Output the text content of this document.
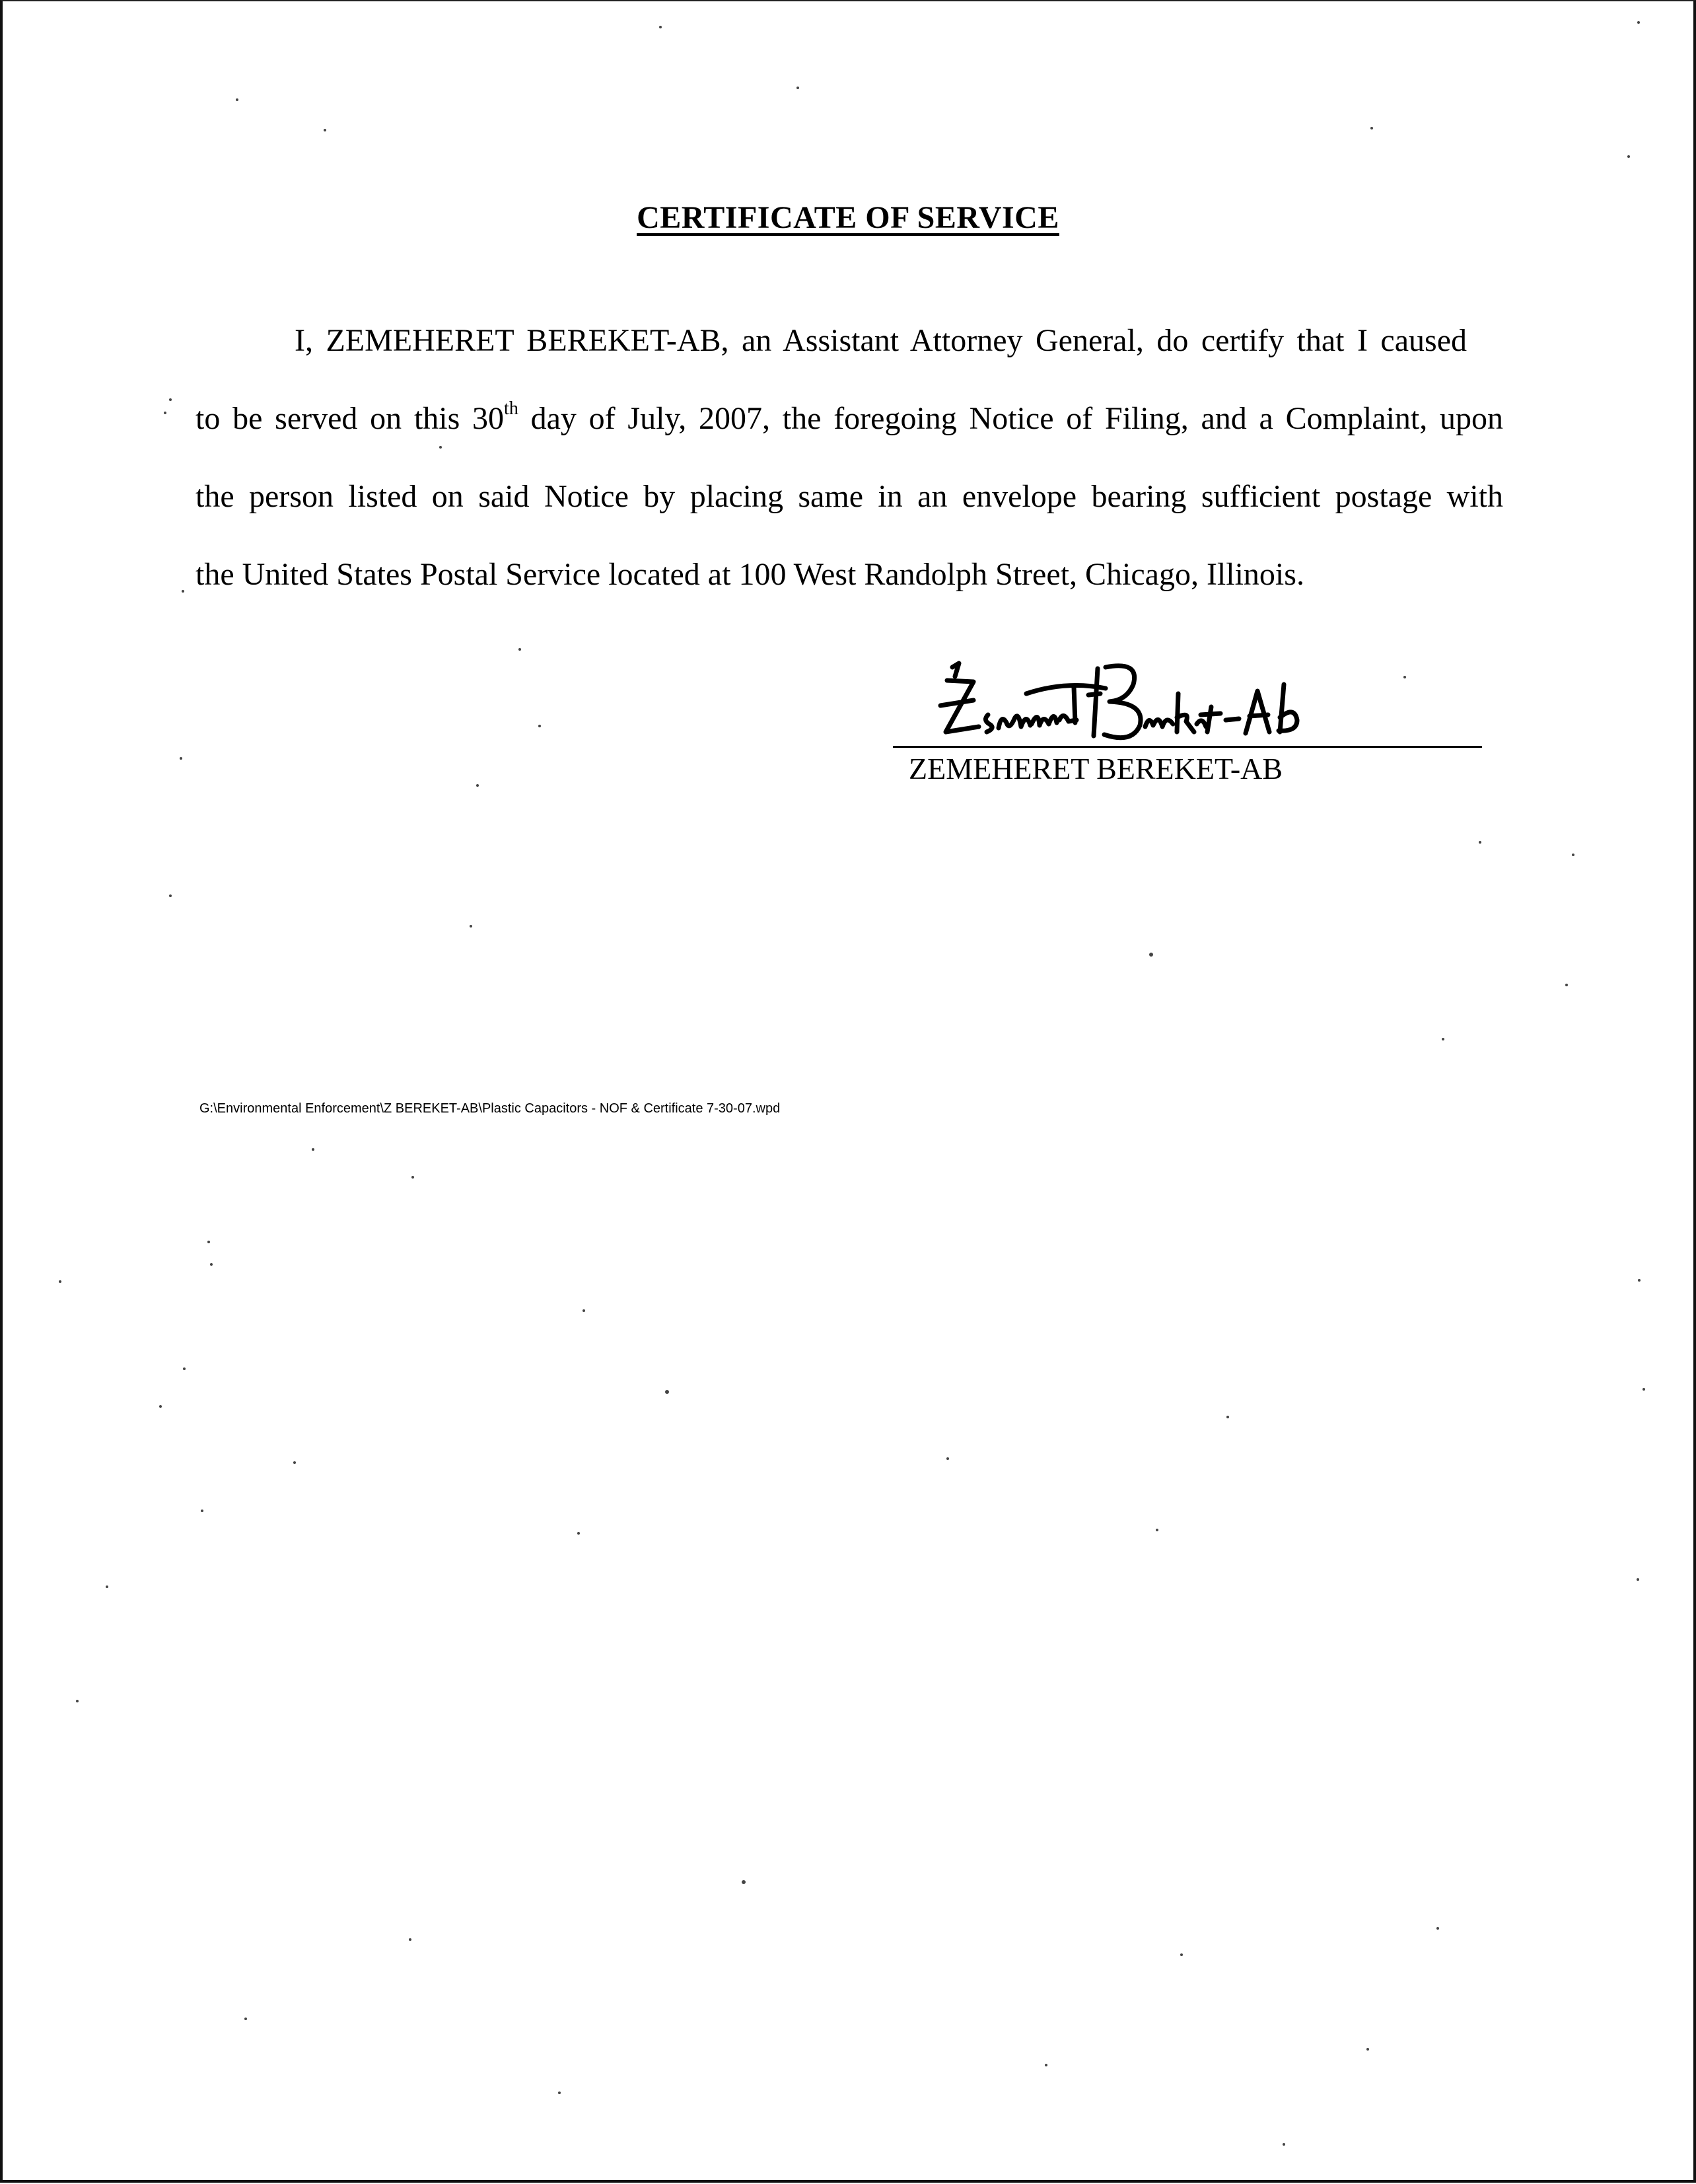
CERTIFICATE OF SERVICE
I, ZEMEHERET BEREKET-AB, an Assistant Attorney General, do certify that I caused
to be served on this 30th day of July, 2007, the foregoing Notice of Filing, and a Complaint, upon
the person listed on said Notice by placing same in an envelope bearing sufficient postage with
the United States Postal Service located at 100 West Randolph Street, Chicago, Illinois.
ZEMEHERET BEREKET-AB
G:\Environmental Enforcement\Z BEREKET-AB\Plastic Capacitors - NOF & Certificate 7-30-07.wpd
